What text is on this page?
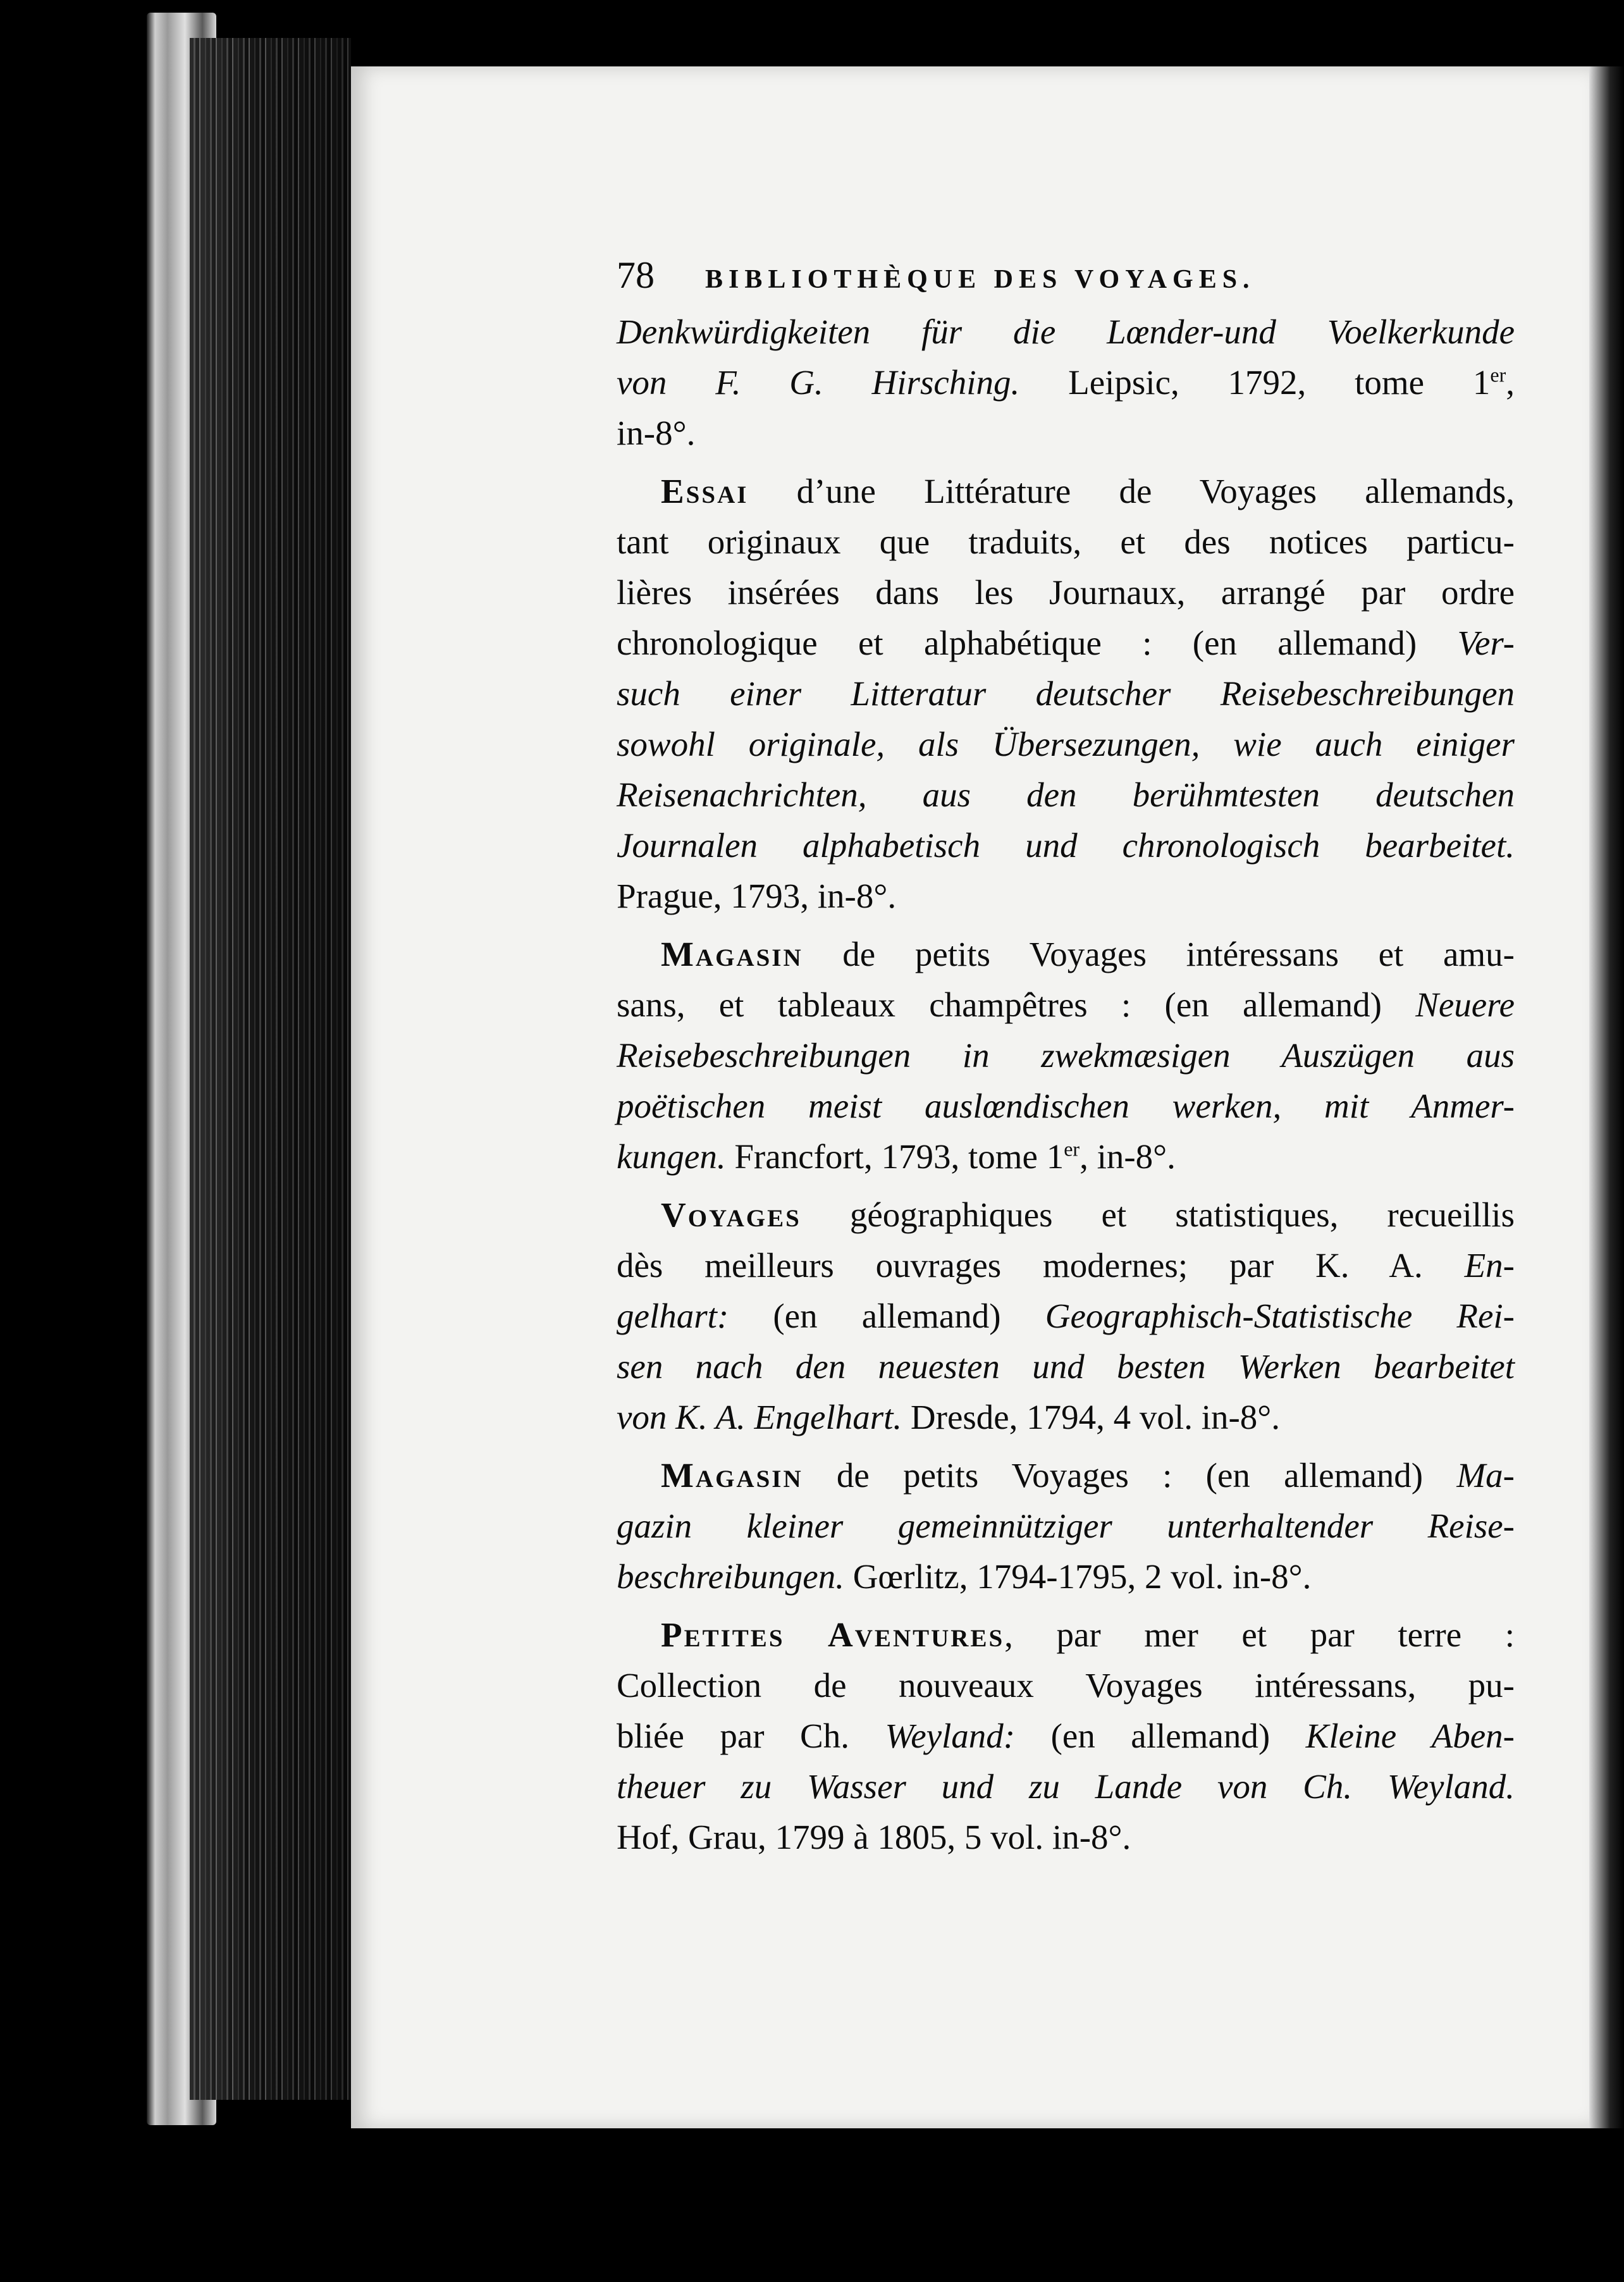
78	BIBLIOTHÈQUE DES VOYAGES.
Denkwürdigkeiten für die Lœnder-und Voelkerkunde
von F. G. Hirsching. Leipsic, 1792, tome 1er,
in-8°.
Essai d’une Littérature de Voyages allemands,
tant originaux que traduits, et des notices particu-
lières insérées dans les Journaux, arrangé par ordre
chronologique et alphabétique : (en allemand) Ver-
such einer Litteratur deutscher Reisebeschreibungen
sowohl originale, als Übersezungen, wie auch einiger
Reisenachrichten, aus den berühmtesten deutschen
Journalen alphabetisch und chronologisch bearbeitet.
Prague, 1793, in-8°.
Magasin de petits Voyages intéressans et amu-
sans, et tableaux champêtres : (en allemand) Neuere
Reisebeschreibungen in zwekmæsigen Auszügen aus
poëtischen meist auslœndischen werken, mit Anmer-
kungen. Francfort, 1793, tome 1er, in-8°.
Voyages géographiques et statistiques, recueillis
dès meilleurs ouvrages modernes; par K. A. En-
gelhart: (en allemand) Geographisch-Statistische Rei-
sen nach den neuesten und besten Werken bearbeitet
von K. A. Engelhart. Dresde, 1794, 4 vol. in-8°.
Magasin de petits Voyages : (en allemand) Ma-
gazin kleiner gemeinnütziger unterhaltender Reise-
beschreibungen. Gœrlitz, 1794-1795, 2 vol. in-8°.
Petites Aventures, par mer et par terre :
Collection de nouveaux Voyages intéressans, pu-
bliée par Ch. Weyland: (en allemand) Kleine Aben-
theuer zu Wasser und zu Lande von Ch. Weyland.
Hof, Grau, 1799 à 1805, 5 vol. in-8°.
